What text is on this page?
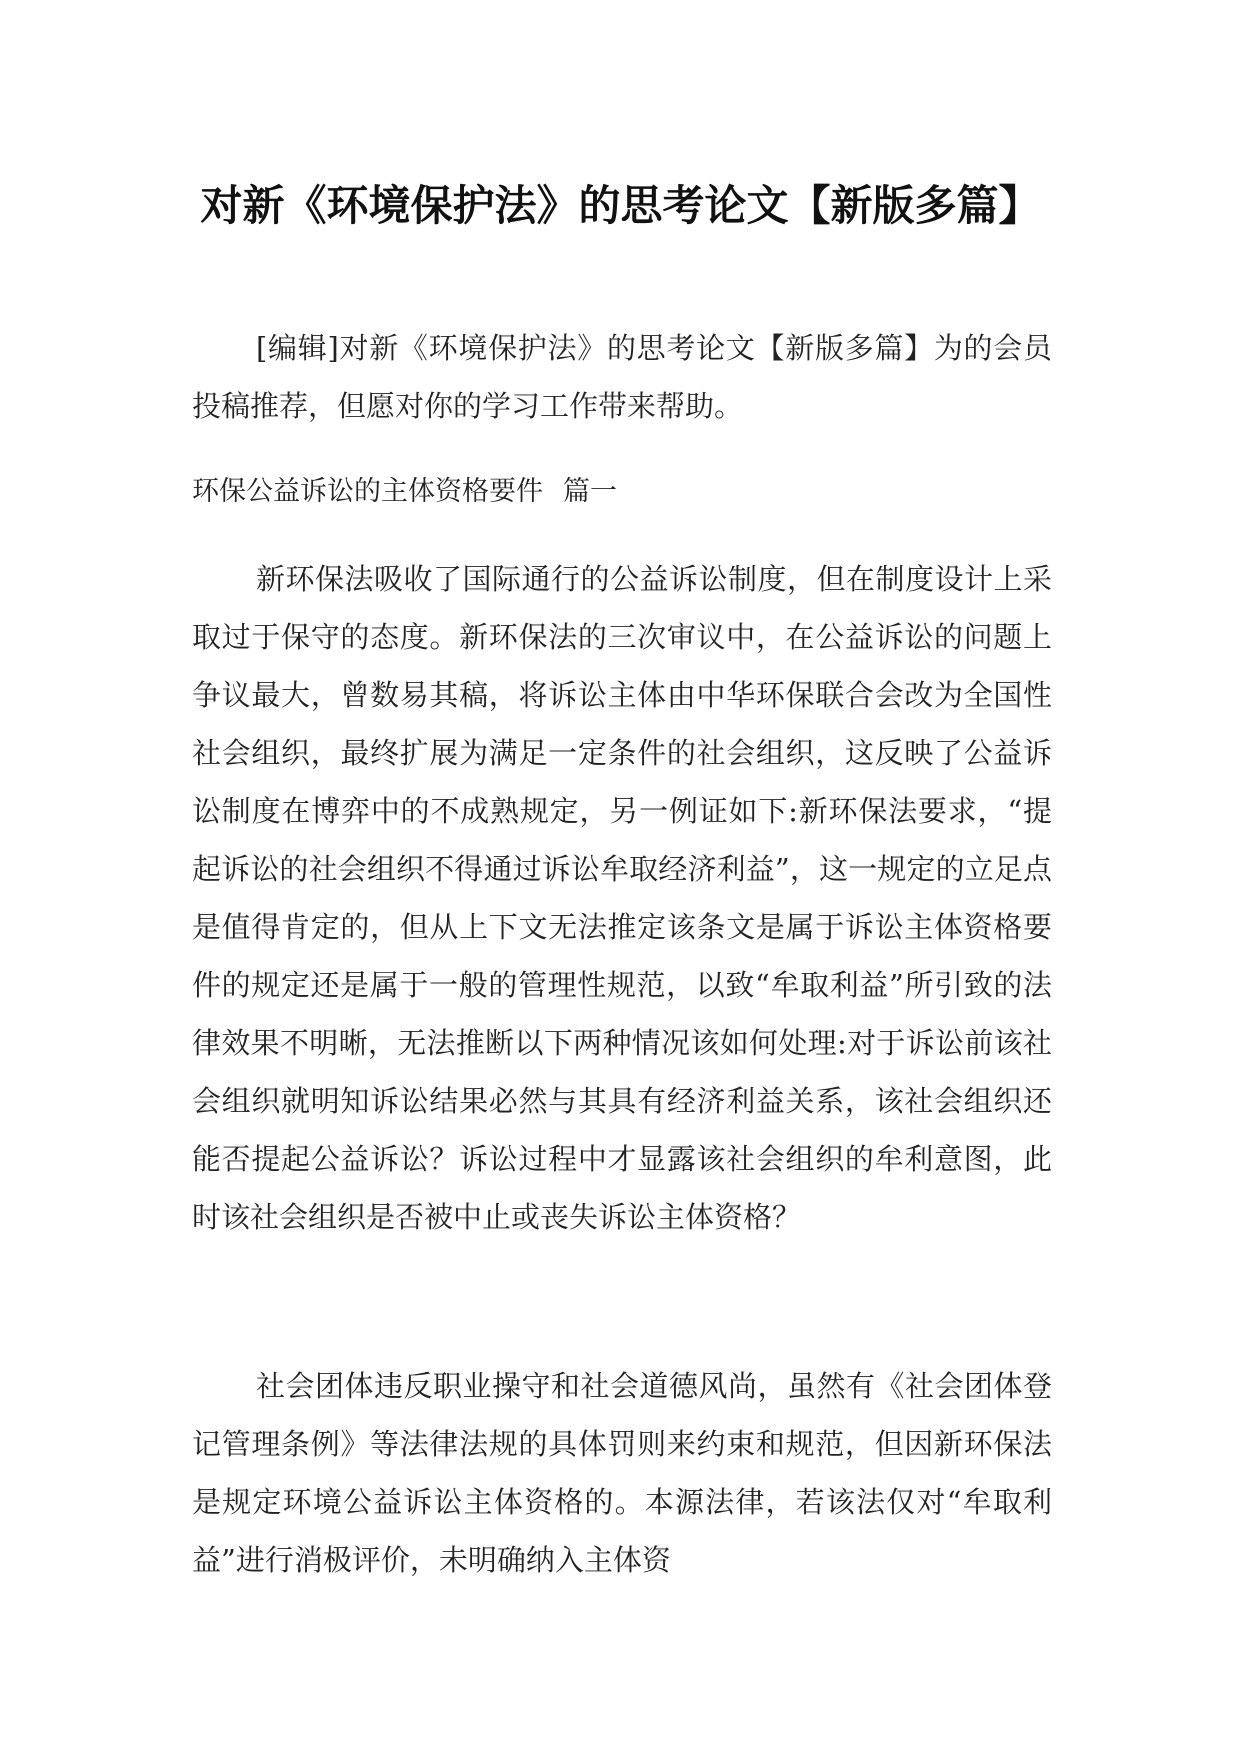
对新《环境保护法》的思考论文【新版多篇】

[编辑]对新《环境保护法》的思考论文【新版多篇】为的会员投稿推荐，但愿对你的学习工作带来帮助。

环保公益诉讼的主体资格要件 篇一

新环保法吸收了国际通行的公益诉讼制度，但在制度设计上采取过于保守的态度。新环保法的三次审议中，在公益诉讼的问题上争议最大，曾数易其稿，将诉讼主体由中华环保联合会改为全国性社会组织，最终扩展为满足一定条件的社会组织，这反映了公益诉讼制度在博弈中的不成熟规定，另一例证如下:新环保法要求，“提起诉讼的社会组织不得通过诉讼牟取经济利益”，这一规定的立足点是值得肯定的，但从上下文无法推定该条文是属于诉讼主体资格要件的规定还是属于一般的管理性规范，以致“牟取利益”所引致的法律效果不明晰，无法推断以下两种情况该如何处理:对于诉讼前该社会组织就明知诉讼结果必然与其具有经济利益关系，该社会组织还能否提起公益诉讼？诉讼过程中才显露该社会组织的牟利意图，此时该社会组织是否被中止或丧失诉讼主体资格？

社会团体违反职业操守和社会道德风尚，虽然有《社会团体登记管理条例》等法律法规的具体罚则来约束和规范，但因新环保法是规定环境公益诉讼主体资格的。本源法律，若该法仅对“牟取利益”进行消极评价，未明确纳入主体资
